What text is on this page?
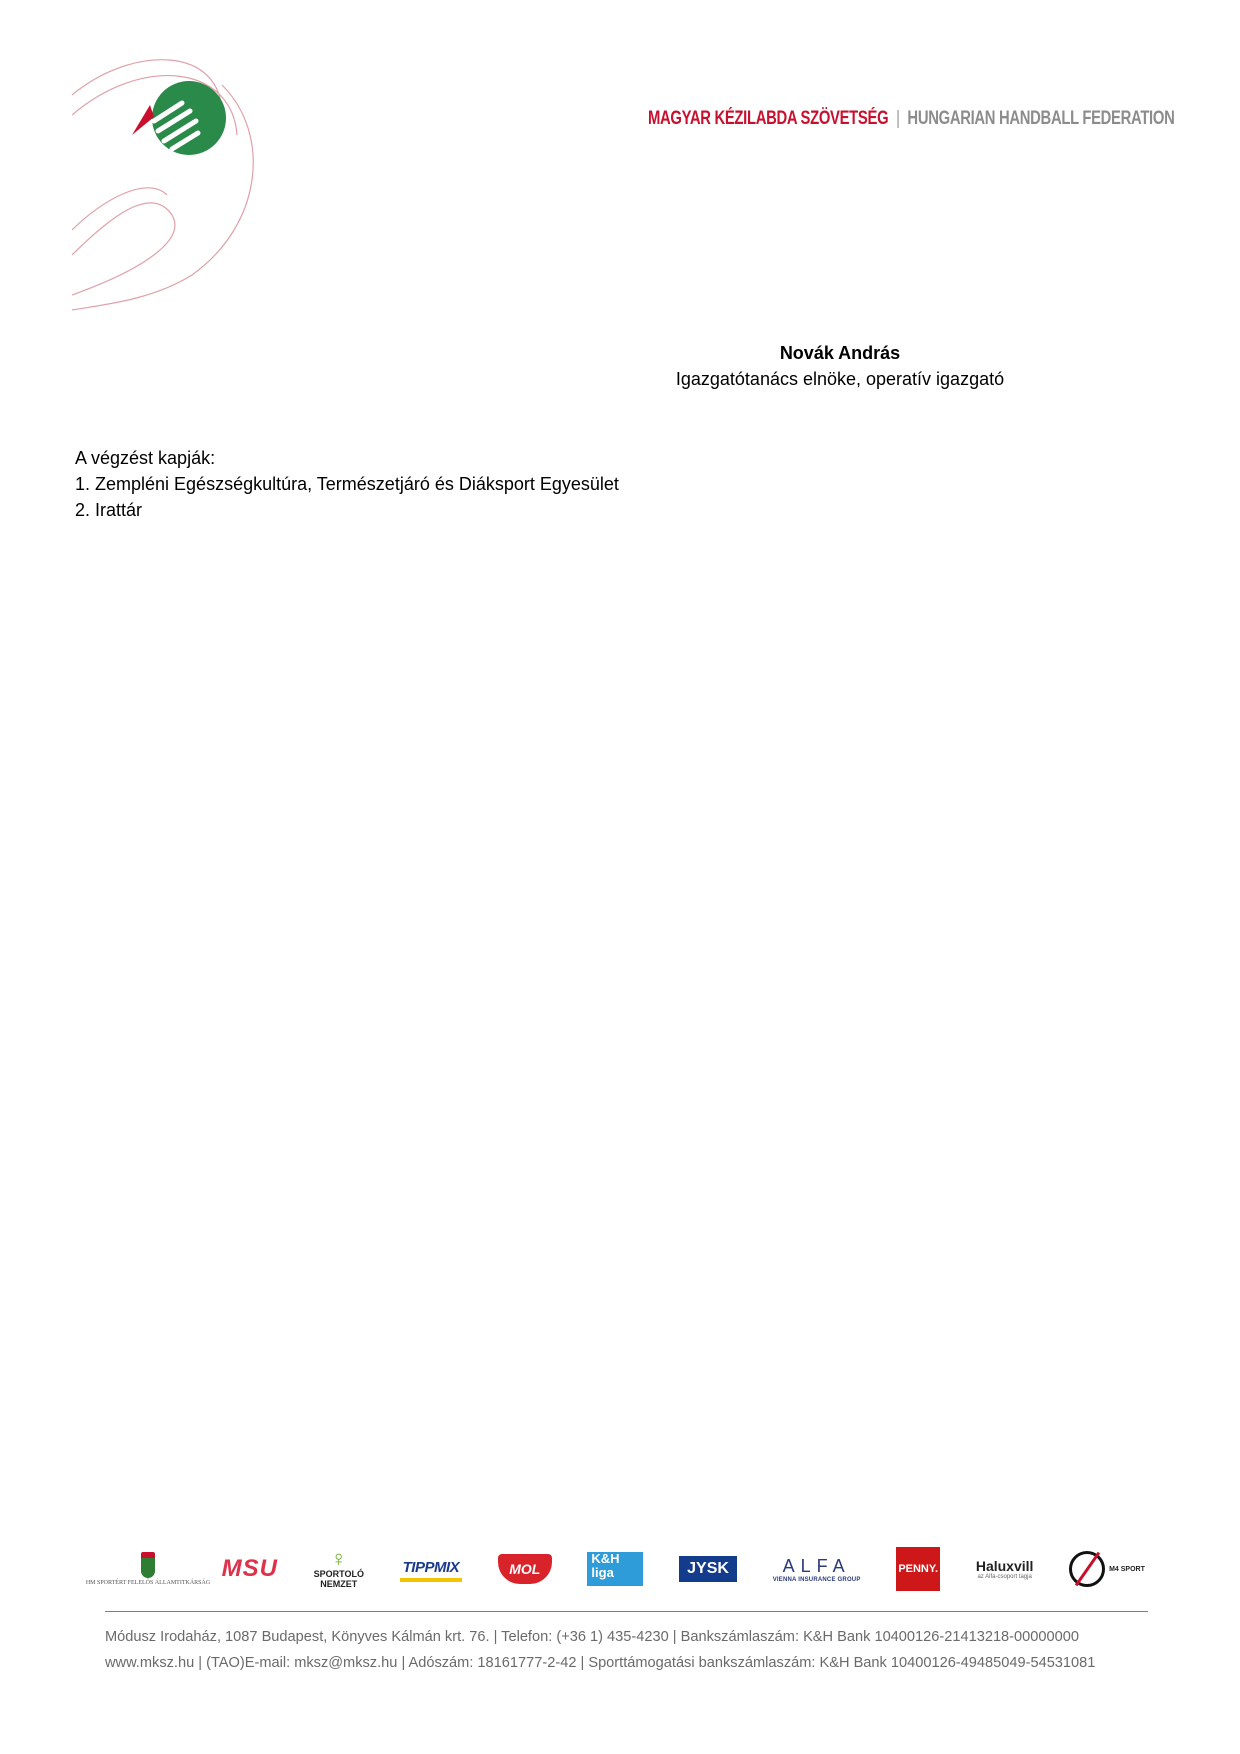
MAGYAR KÉZILABDA SZÖVETSÉG | HUNGARIAN HANDBALL FEDERATION
Novák András
Igazgatótanács elnöke, operatív igazgató
A végzést kapják:
1. Zempléni Egészségkultúra, Természetjáró és Diáksport Egyesület
2. Irattár
HM SPORTÉRT FELELŐS ÁLLAMTITKÁRSÁG
MSU ♀
SPORTOLÓ
NEMZET
TIPPMIX	MOL
K&H
liga	JYSK	ALFA
VIENNA INSURANCE GROUP
PENNY.	Haluxvill
az Alfa-csoport tagja
M4 SPORT
Módusz Irodaház, 1087 Budapest, Könyves Kálmán krt. 76. | Telefon: (+36 1) 435-4230 | Bankszámlaszám: K&H Bank 10400126-21413218-00000000
www.mksz.hu | (TAO)E-mail: mksz@mksz.hu | Adószám: 18161777-2-42 | Sporttámogatási bankszámlaszám: K&H Bank 10400126-49485049-54531081
